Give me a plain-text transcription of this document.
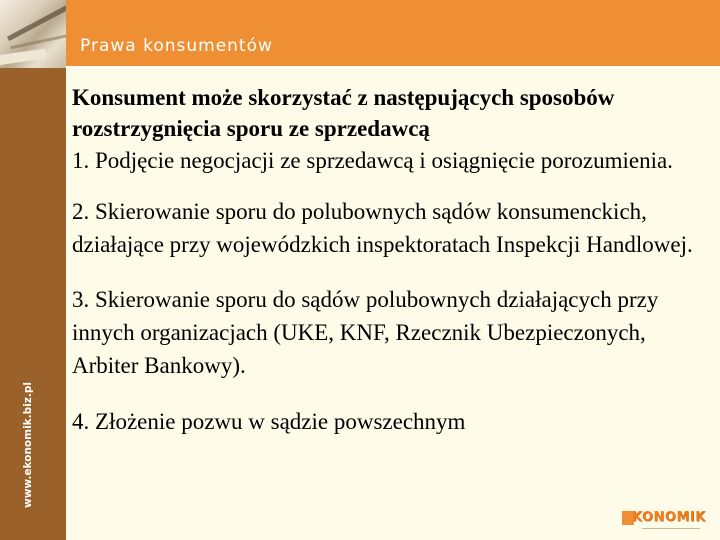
Prawa konsumentów
www.ekonomik.biz.pl

Konsument może skorzystać z następujących sposobów rozstrzygnięcia sporu ze sprzedawcą

1. Podjęcie negocjacji ze sprzedawcą i osiągnięcie porozumienia.

2. Skierowanie sporu do polubownych sądów konsumenckich, działające przy wojewódzkich inspektoratach Inspekcji Handlowej.

3. Skierowanie sporu do sądów polubownych działających przy innych organizacjach (UKE, KNF, Rzecznik Ubezpieczonych, Arbiter Bankowy).

4. Złożenie pozwu w sądzie powszechnym

KONOMIK
